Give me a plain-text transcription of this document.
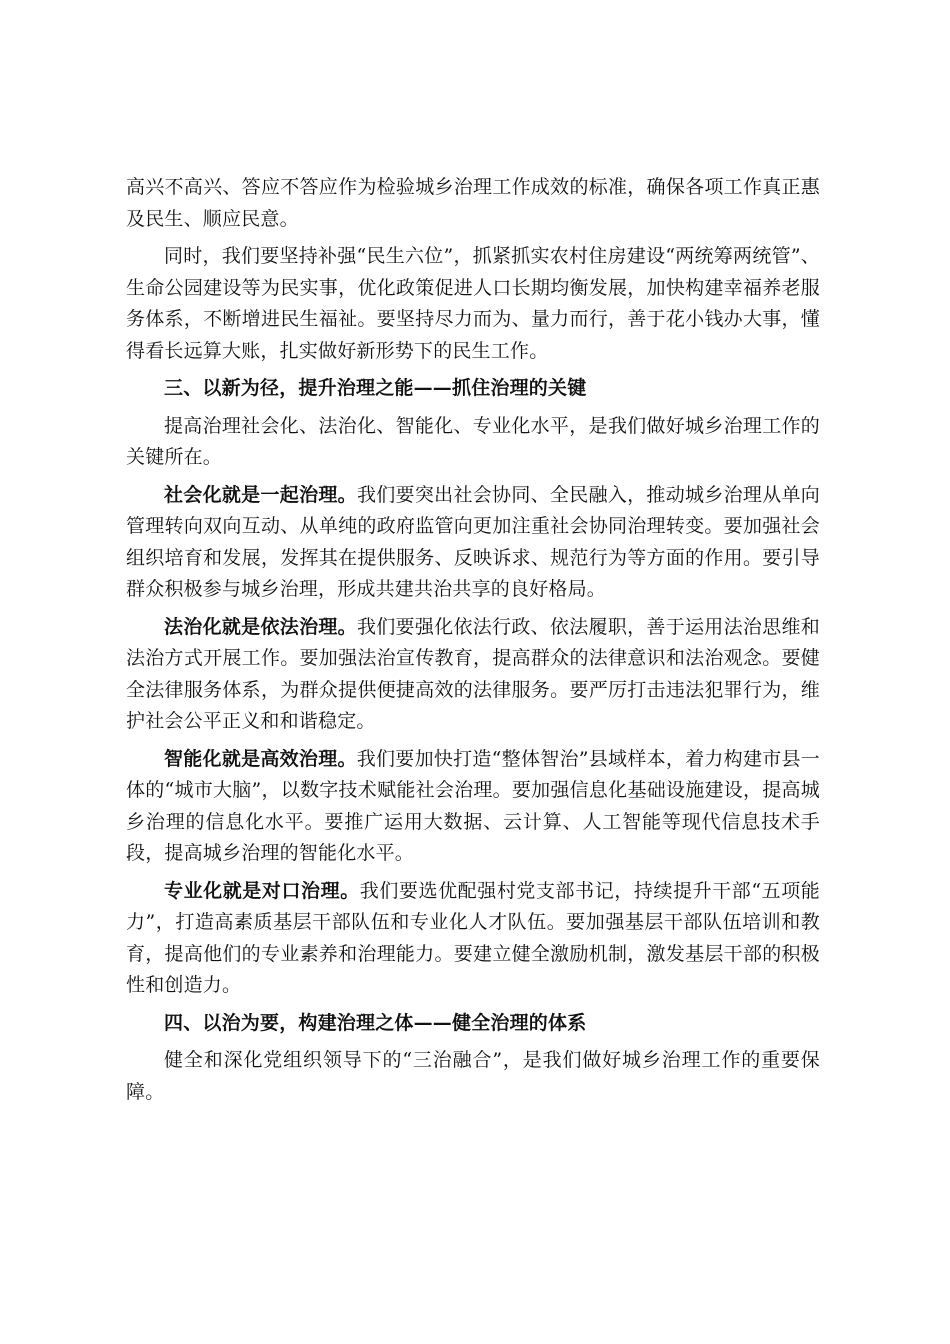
高兴不高兴、答应不答应作为检验城乡治理工作成效的标准，确保各项工作真正惠及民生、顺应民意。

同时，我们要坚持补强“民生六位”，抓紧抓实农村住房建设“两统筹两统管”、生命公园建设等为民实事，优化政策促进人口长期均衡发展，加快构建幸福养老服务体系，不断增进民生福祉。要坚持尽力而为、量力而行，善于花小钱办大事，懂得看长远算大账，扎实做好新形势下的民生工作。

三、以新为径，提升治理之能——抓住治理的关键

提高治理社会化、法治化、智能化、专业化水平，是我们做好城乡治理工作的关键所在。

社会化就是一起治理。我们要突出社会协同、全民融入，推动城乡治理从单向管理转向双向互动、从单纯的政府监管向更加注重社会协同治理转变。要加强社会组织培育和发展，发挥其在提供服务、反映诉求、规范行为等方面的作用。要引导群众积极参与城乡治理，形成共建共治共享的良好格局。

法治化就是依法治理。我们要强化依法行政、依法履职，善于运用法治思维和法治方式开展工作。要加强法治宣传教育，提高群众的法律意识和法治观念。要健全法律服务体系，为群众提供便捷高效的法律服务。要严厉打击违法犯罪行为，维护社会公平正义和和谐稳定。

智能化就是高效治理。我们要加快打造“整体智治”县域样本，着力构建市县一体的“城市大脑”，以数字技术赋能社会治理。要加强信息化基础设施建设，提高城乡治理的信息化水平。要推广运用大数据、云计算、人工智能等现代信息技术手段，提高城乡治理的智能化水平。

专业化就是对口治理。我们要选优配强村党支部书记，持续提升干部“五项能力”，打造高素质基层干部队伍和专业化人才队伍。要加强基层干部队伍培训和教育，提高他们的专业素养和治理能力。要建立健全激励机制，激发基层干部的积极性和创造力。

四、以治为要，构建治理之体——健全治理的体系

健全和深化党组织领导下的“三治融合”，是我们做好城乡治理工作的重要保障。
